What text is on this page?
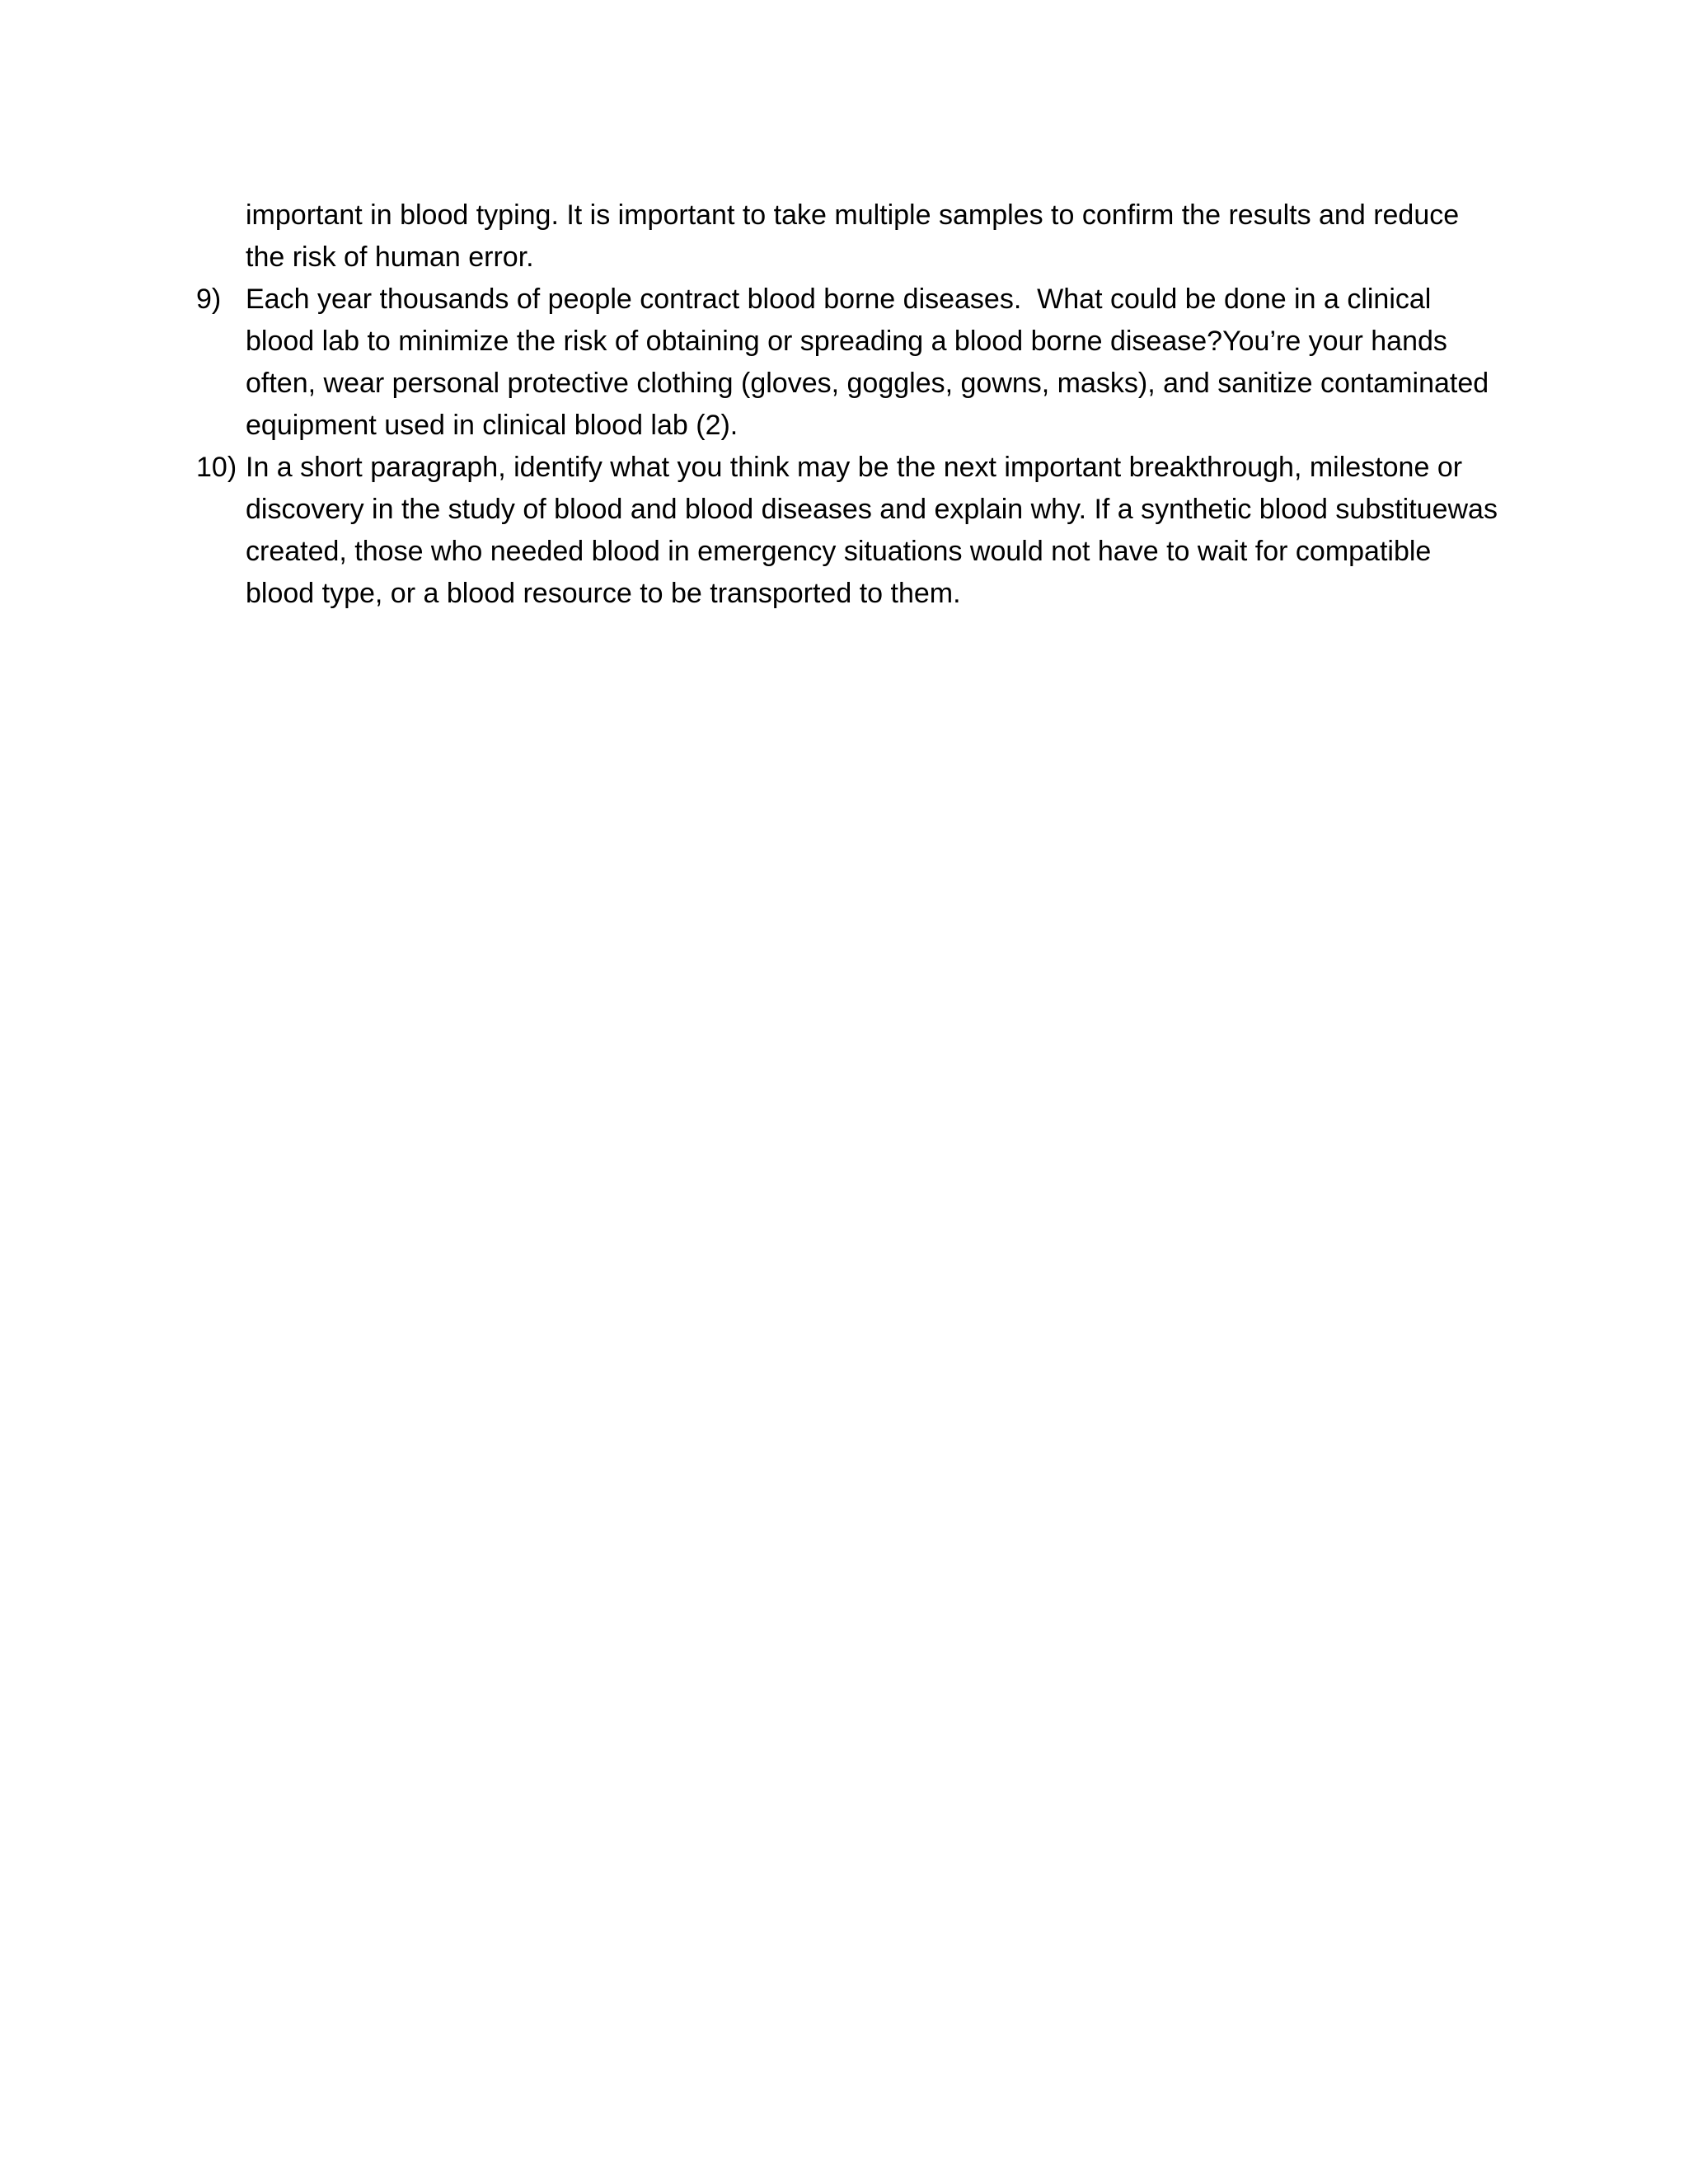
important in blood typing. It is important to take multiple samples to confirm the results and reduce the risk of human error.
9) Each year thousands of people contract blood borne diseases.  What could be done in a clinical blood lab to minimize the risk of obtaining or spreading a blood borne disease?You’re your hands often, wear personal protective clothing (gloves, goggles, gowns, masks), and sanitize contaminated equipment used in clinical blood lab (2).
10) In a short paragraph, identify what you think may be the next important breakthrough, milestone or discovery in the study of blood and blood diseases and explain why. If a synthetic blood substituewas created, those who needed blood in emergency situations would not have to wait for compatible blood type, or a blood resource to be transported to them.
